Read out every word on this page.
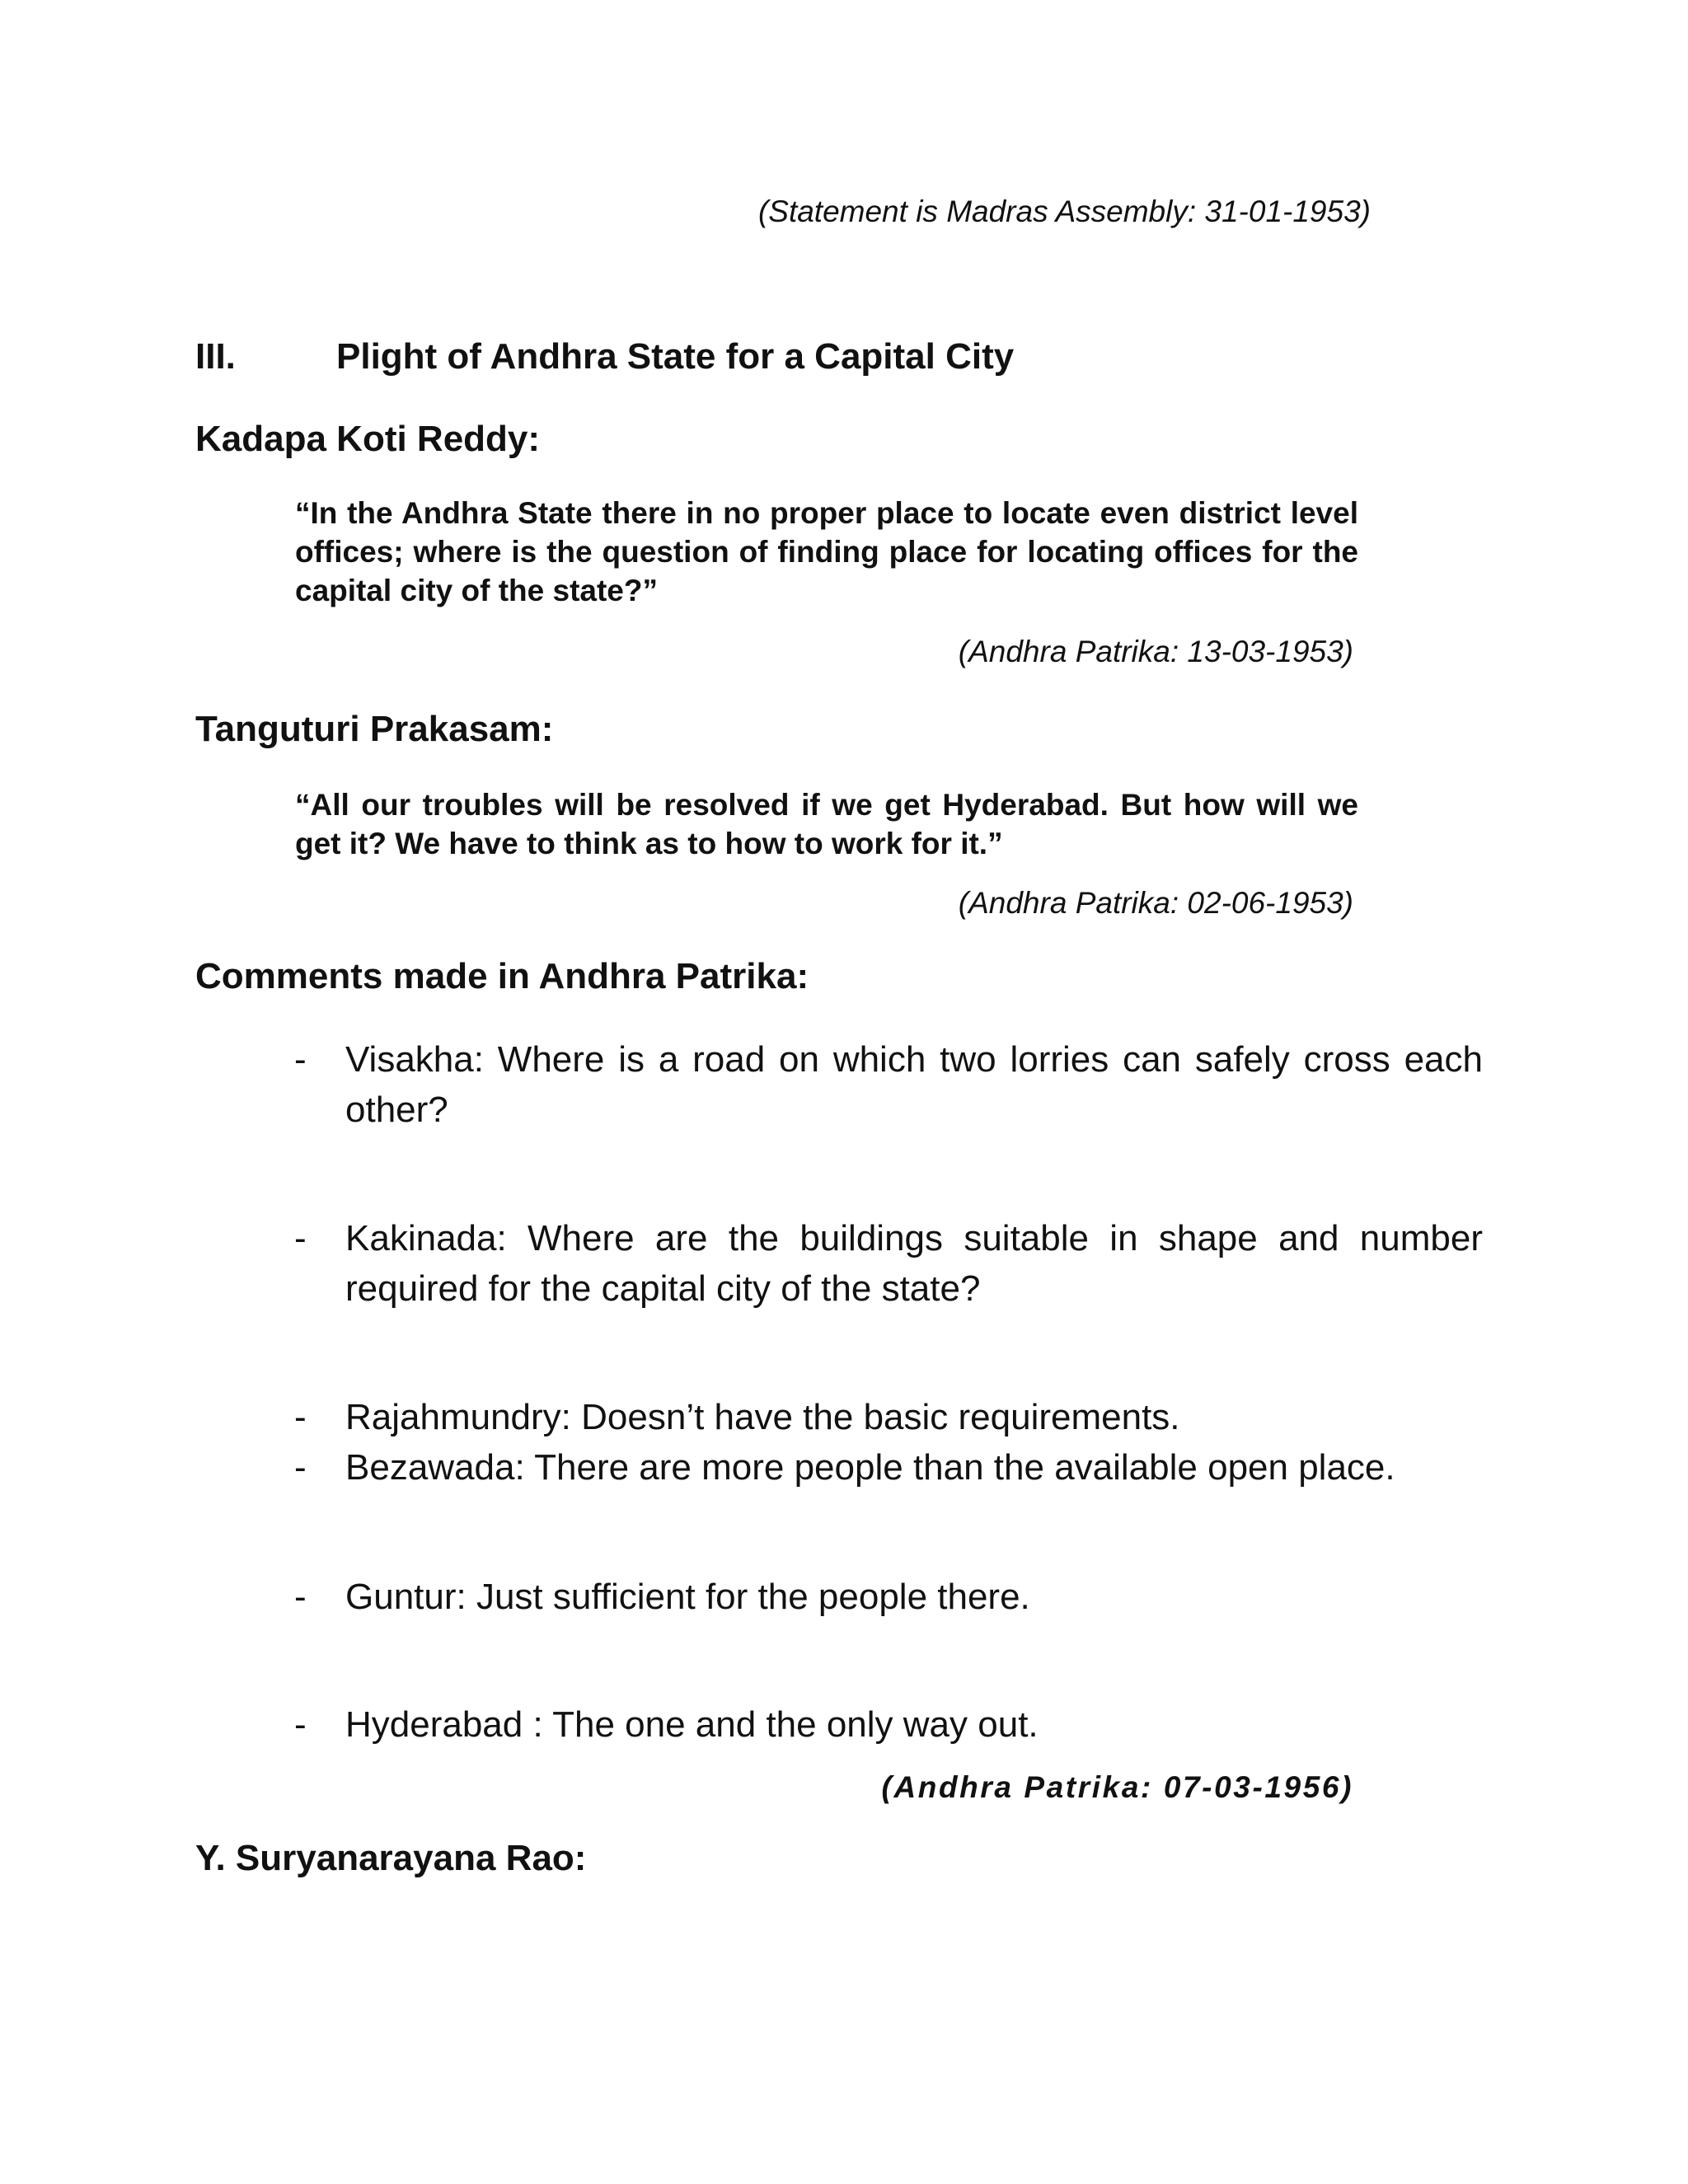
(Statement is Madras Assembly: 31-01-1953)

III.	Plight of Andhra State for a Capital City

Kadapa Koti Reddy:

“In the Andhra State there in no proper place to locate even district level offices; where is the question of finding place for locating offices for the capital city of the state?”

(Andhra Patrika: 13-03-1953)

Tanguturi Prakasam:

“All our troubles will be resolved if we get Hyderabad. But how will we get it? We have to think as to how to work for it.”

(Andhra Patrika: 02-06-1953)

Comments made in Andhra Patrika:

- Visakha: Where is a road on which two lorries can safely cross each other?
- Kakinada: Where are the buildings suitable in shape and number required for the capital city of the state?
- Rajahmundry: Doesn’t have the basic requirements.
- Bezawada: There are more people than the available open place.
- Guntur: Just sufficient for the people there.
- Hyderabad : The one and the only way out.

(Andhra Patrika: 07-03-1956)

Y. Suryanarayana Rao:
